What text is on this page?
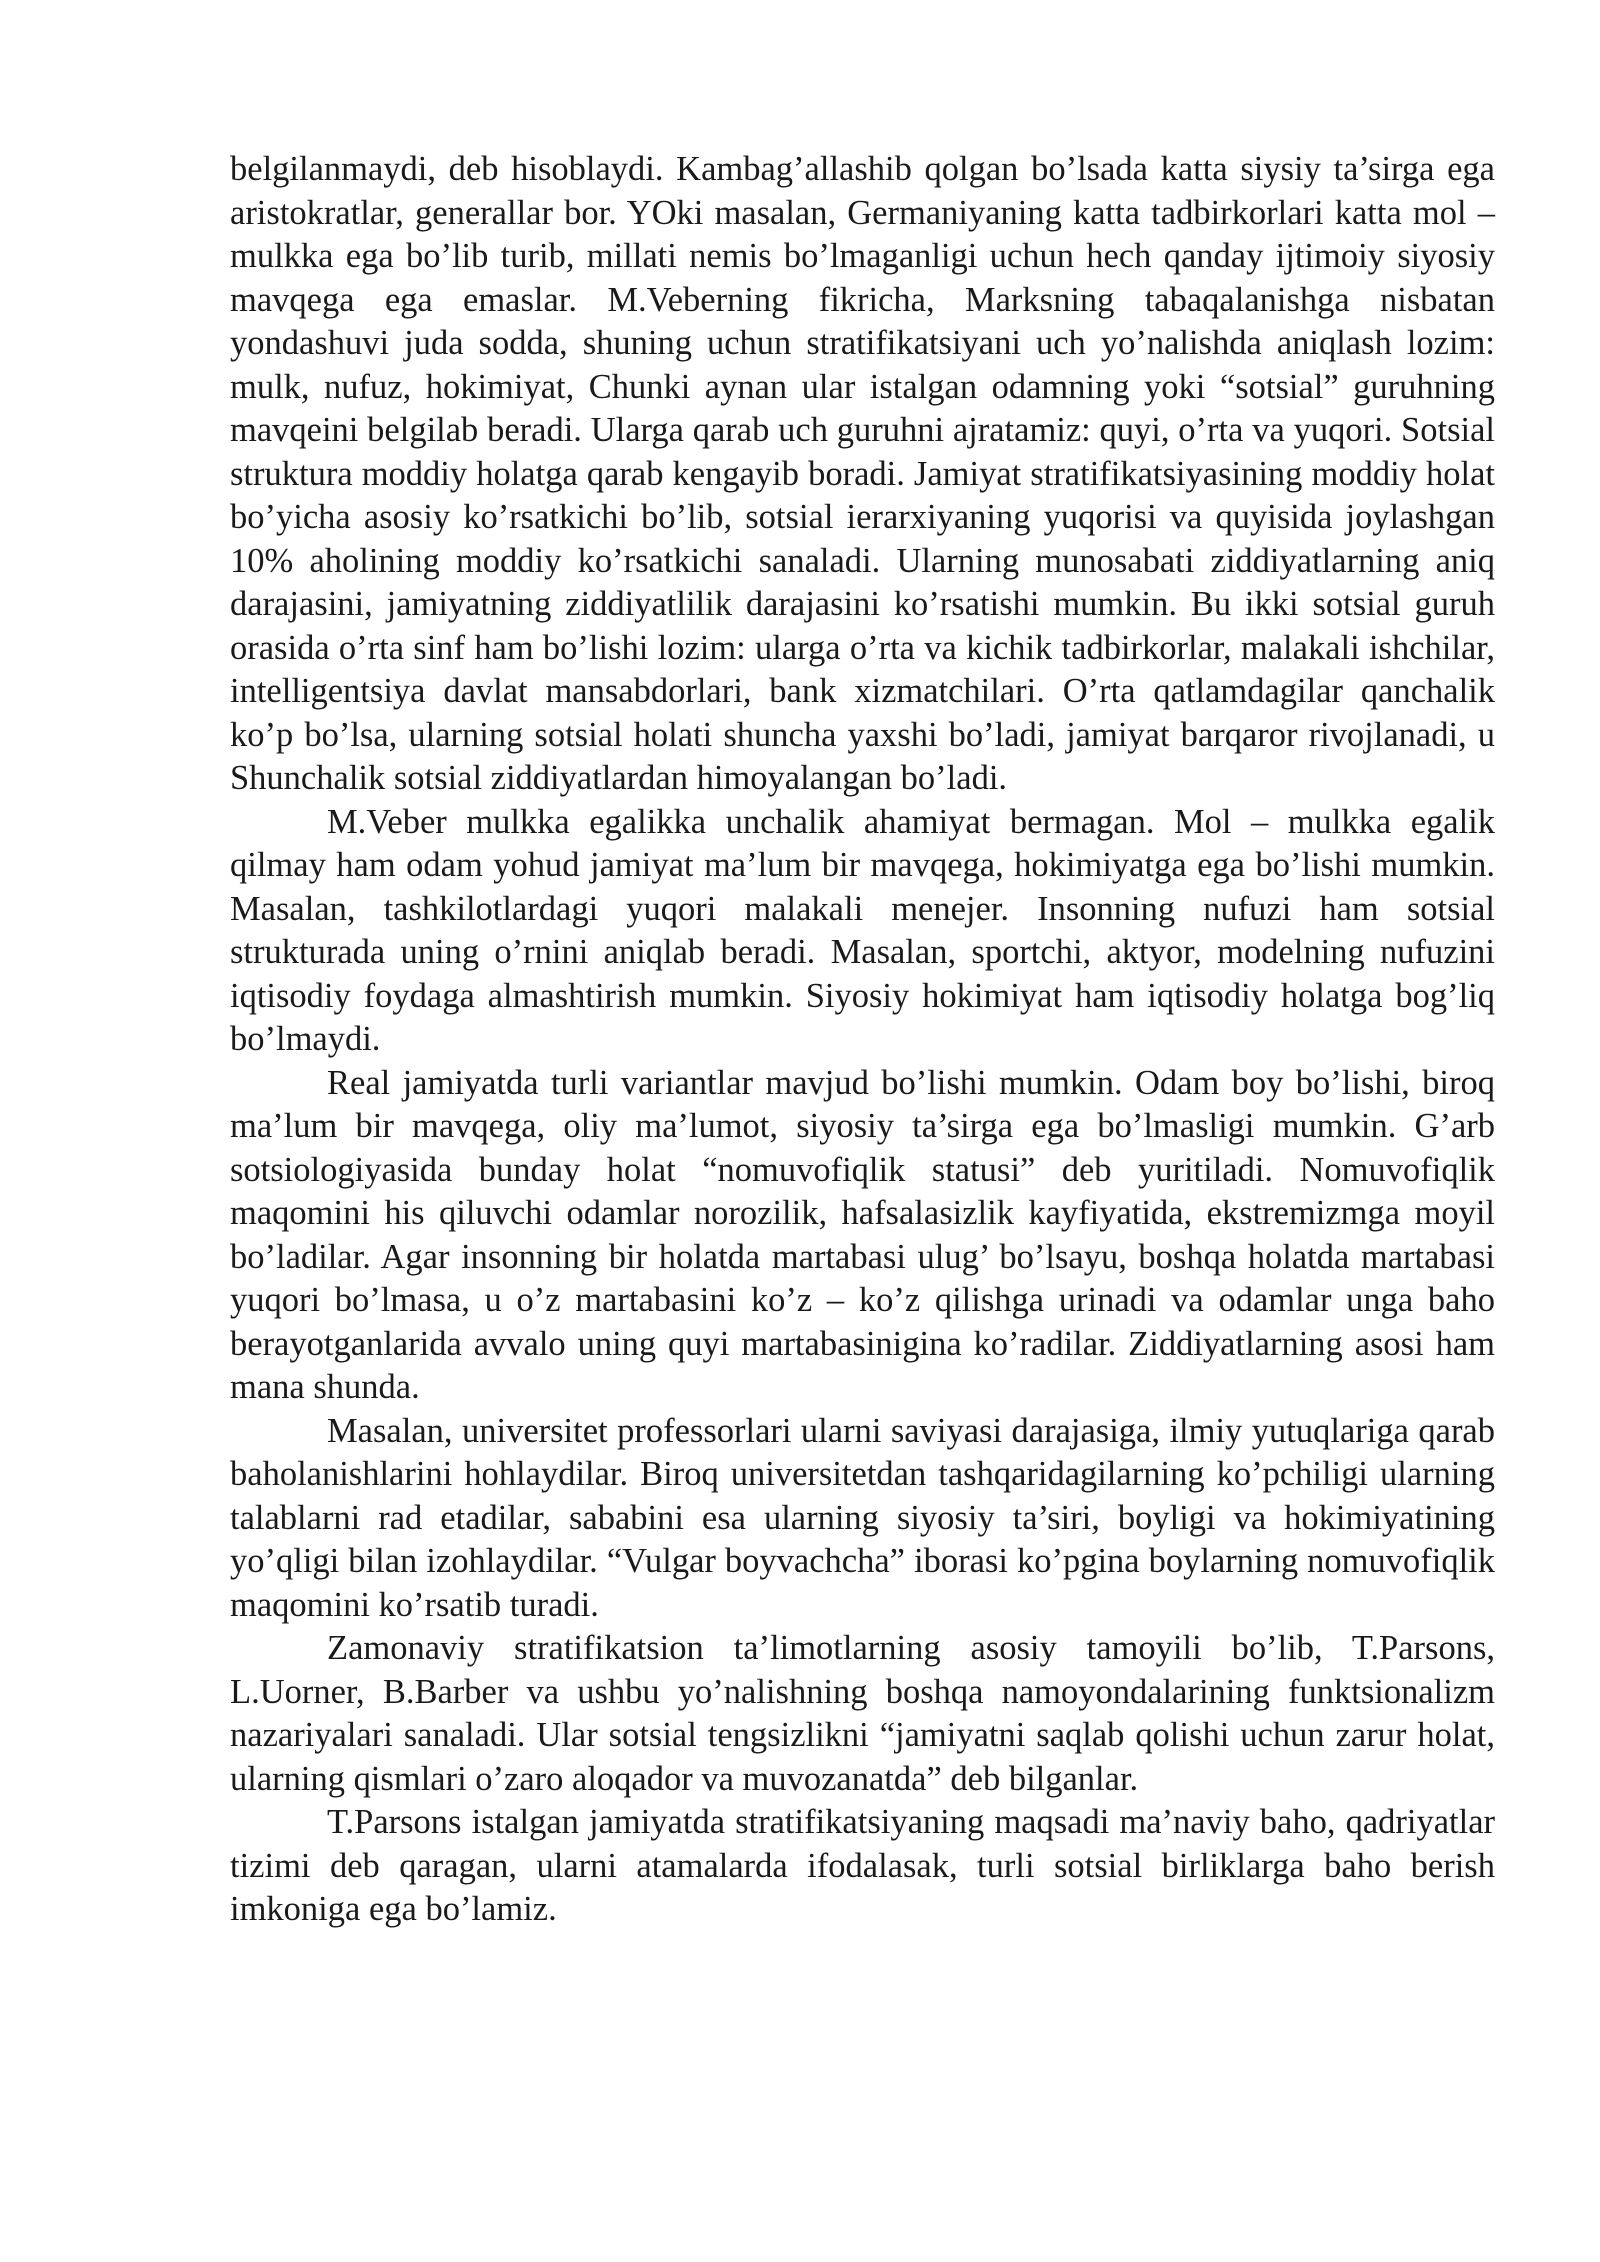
belgilanmaydi, deb hisoblaydi. Kambag’allashib qolgan bo’lsada katta siysiy ta’sirga ega aristokratlar, generallar bor. YOki masalan, Germaniyaning katta tadbirkorlari katta mol – mulkka ega bo’lib turib, millati nemis bo’lmaganligi uchun hech qanday ijtimoiy siyosiy mavqega ega emaslar. M.Veberning fikricha, Marksning tabaqalanishga nisbatan yondashuvi juda sodda, shuning uchun stratifikatsiyani uch yo’nalishda aniqlash lozim: mulk, nufuz, hokimiyat, Chunki aynan ular istalgan odamning yoki “sotsial” guruhning mavqeini belgilab beradi. Ularga qarab uch guruhni ajratamiz: quyi, o’rta va yuqori. Sotsial struktura moddiy holatga qarab kengayib boradi. Jamiyat stratifikatsiyasining moddiy holat bo’yicha asosiy ko’rsatkichi bo’lib, sotsial ierarxiyaning yuqorisi va quyisida joylashgan 10% aholining moddiy ko’rsatkichi sanaladi. Ularning munosabati ziddiyatlarning aniq darajasini, jamiyatning ziddiyatlilik darajasini ko’rsatishi mumkin. Bu ikki sotsial guruh orasida o’rta sinf ham bo’lishi lozim: ularga o’rta va kichik tadbirkorlar, malakali ishchilar, intelligentsiya davlat mansabdorlari, bank xizmatchilari. O’rta qatlamdagilar qanchalik ko’p bo’lsa, ularning sotsial holati shuncha yaxshi bo’ladi, jamiyat barqaror rivojlanadi, u Shunchalik sotsial ziddiyatlardan himoyalangan bo’ladi.

M.Veber mulkka egalikka unchalik ahamiyat bermagan. Mol – mulkka egalik qilmay ham odam yohud jamiyat ma’lum bir mavqega, hokimiyatga ega bo’lishi mumkin. Masalan, tashkilotlardagi yuqori malakali menejer. Insonning nufuzi ham sotsial strukturada uning o’rnini aniqlab beradi. Masalan, sportchi, aktyor, modelning nufuzini iqtisodiy foydaga almashtirish mumkin. Siyosiy hokimiyat ham iqtisodiy holatga bog’liq bo’lmaydi.

Real jamiyatda turli variantlar mavjud bo’lishi mumkin. Odam boy bo’lishi, biroq ma’lum bir mavqega, oliy ma’lumot, siyosiy ta’sirga ega bo’lmasligi mumkin. G’arb sotsiologiyasida bunday holat “nomuvofiqlik statusi” deb yuritiladi. Nomuvofiqlik maqomini his qiluvchi odamlar norozilik, hafsalasizlik kayfiyatida, ekstremizmga moyil bo’ladilar. Agar insonning bir holatda martabasi ulug’ bo’lsayu, boshqa holatda martabasi yuqori bo’lmasa, u o’z martabasini ko’z – ko’z qilishga urinadi va odamlar unga baho berayotganlarida avvalo uning quyi martabasiniginа ko’radilar. Ziddiyatlarning asosi ham mana shunda.

Masalan, universitet professorlari ularni saviyasi darajasiga, ilmiy yutuqlariga qarab baholanishlarini hohlaydilar. Biroq universitetdan tashqaridagilarning ko’pchiligi ularning talablarni rad etadilar, sababini esa ularning siyosiy ta’siri, boyligi va hokimiyatining yo’qligi bilan izohlaydilar. “Vulgar boyvachcha” iborasi ko’pgina boylarning nomuvofiqlik maqomini ko’rsatib turadi.

Zamonaviy stratifikatsion ta’limotlarning asosiy tamoyili bo’lib, T.Parsons, L.Uorner, B.Barber va ushbu yo’nalishning boshqa namoyondalarining funktsionalizm nazariyalari sanaladi. Ular sotsial tengsizlikni “jamiyatni saqlab qolishi uchun zarur holat, ularning qismlari o’zaro aloqador va muvozanatda” deb bilganlar.

T.Parsons istalgan jamiyatda stratifikatsiyaning maqsadi ma’naviy baho, qadriyatlar tizimi deb qaragan, ularni atamalarda ifodalasak, turli sotsial birliklarga baho berish imkoniga ega bo’lamiz.
